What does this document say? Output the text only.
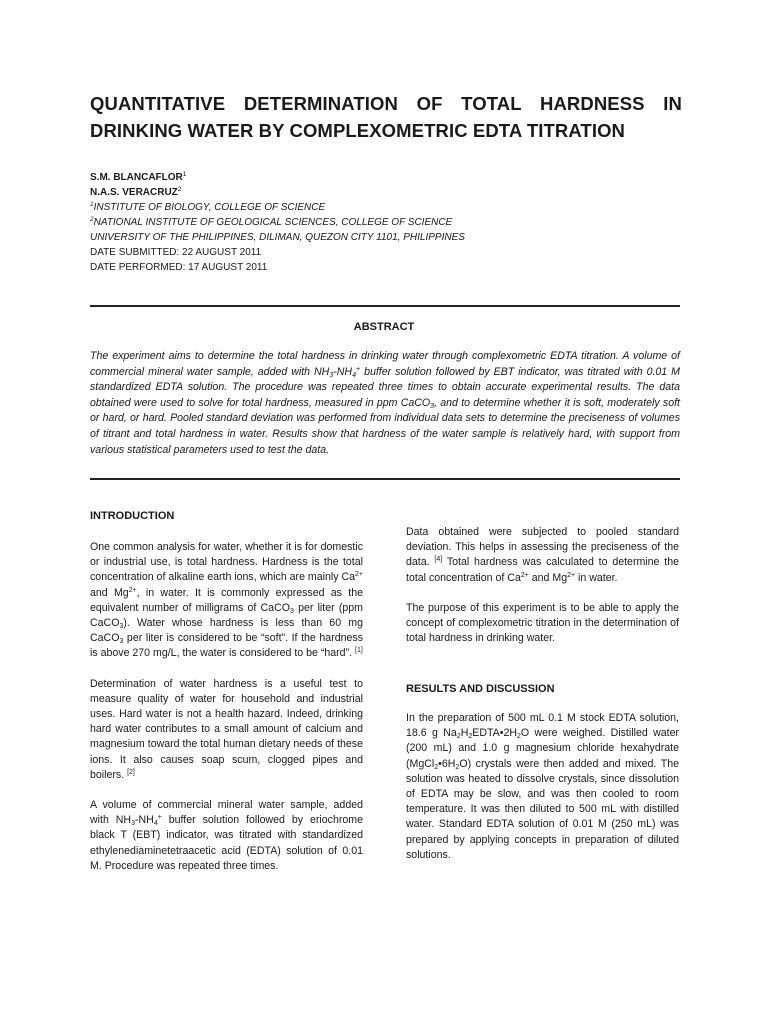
QUANTITATIVE DETERMINATION OF TOTAL HARDNESS IN
DRINKING WATER BY COMPLEXOMETRIC EDTA TITRATION
S.M. BLANCAFLOR$^1$
N.A.S. VERACRUZ$^2$
$^1$INSTITUTE OF BIOLOGY, COLLEGE OF SCIENCE
$^2$NATIONAL INSTITUTE OF GEOLOGICAL SCIENCES, COLLEGE OF SCIENCE
UNIVERSITY OF THE PHILIPPINES, DILIMAN, QUEZON CITY 1101, PHILIPPINES
DATE SUBMITTED: 22 AUGUST 2011
DATE PERFORMED: 17 AUGUST 2011
ABSTRACT
The experiment aims to determine the total hardness in drinking water through complexometric EDTA titration. A volume of commercial mineral water sample, added with $NH_3-NH_4^+$ buffer solution followed by EBT indicator, was titrated with 0.01 M standardized EDTA solution. The procedure was repeated three times to obtain accurate experimental results. The data obtained were used to solve for total hardness, measured in ppm CaCO$_3$, and to determine whether it is soft, moderately soft or hard, or hard. Pooled standard deviation was performed from individual data sets to determine the preciseness of volumes of titrant and total hardness in water. Results show that hardness of the water sample is relatively hard, with support from various statistical parameters used to test the data.
INTRODUCTION

One common analysis for water, whether it is for domestic or industrial use, is total hardness. Hardness is the total concentration of alkaline earth ions, which are mainly $Ca^{2+}$ and $Mg^{2+}$, in water. It is commonly expressed as the equivalent number of milligrams of CaCO$_3$ per liter (ppm CaCO$_3$). Water whose hardness is less than 60 mg CaCO$_3$ per liter is considered to be “soft”. If the hardness is above 270 mg/L, the water is considered to be “hard”. [1]

Determination of water hardness is a useful test to measure quality of water for household and industrial uses. Hard water is not a health hazard. Indeed, drinking hard water contributes to a small amount of calcium and magnesium toward the total human dietary needs of these ions. It also causes soap scum, clogged pipes and boilers. [2]

A volume of commercial mineral water sample, added with $NH_3-NH_4^+$ buffer solution followed by eriochrome black T (EBT) indicator, was titrated with standardized ethylenediaminetetraacetic acid (EDTA) solution of 0.01 M. Procedure was repeated three times.

Data obtained were subjected to pooled standard deviation. This helps in assessing the preciseness of the data. [4] Total hardness was calculated to determine the total concentration of $Ca^{2+}$ and $Mg^{2+}$ in water.

The purpose of this experiment is to be able to apply the concept of complexometric titration in the determination of total hardness in drinking water.

RESULTS AND DISCUSSION

In the preparation of 500 mL 0.1 M stock EDTA solution, 18.6 g $Na_2H_2EDTA•2H_2O$ were weighed. Distilled water (200 mL) and 1.0 g magnesium chloride hexahydrate $(MgCl_2•6H_2O)$ crystals were then added and mixed. The solution was heated to dissolve crystals, since dissolution of EDTA may be slow, and was then cooled to room temperature. It was then diluted to 500 mL with distilled water. Standard EDTA solution of 0.01 M (250 mL) was prepared by applying concepts in preparation of diluted solutions.
